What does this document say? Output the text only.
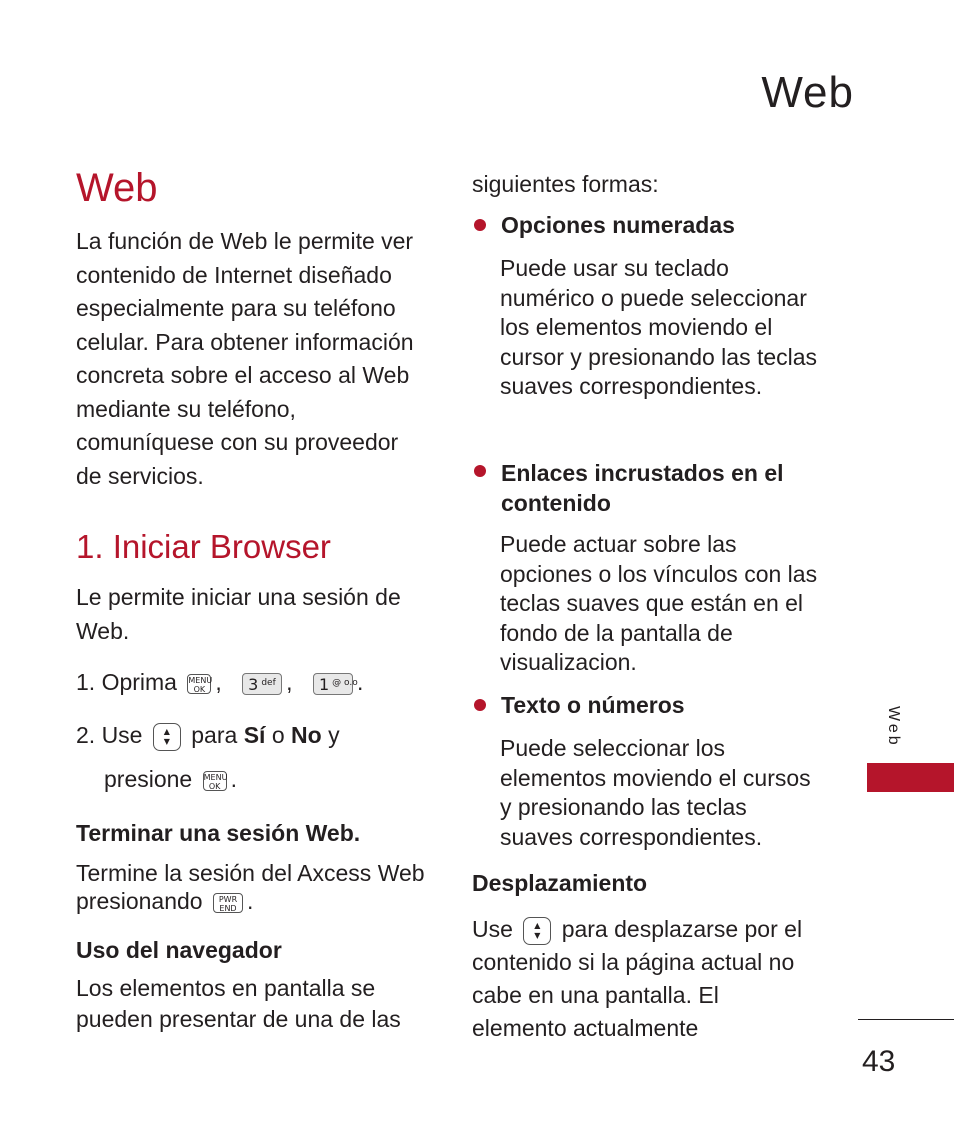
Web
Web
La función de Web le permite ver contenido de Internet diseñado especialmente para su teléfono celular. Para obtener información concreta sobre el acceso al Web mediante su teléfono, comuníquese con su proveedor de servicios.
1. Iniciar Browser
Le permite iniciar una sesión de Web.
1. Oprima MENU
OK , 3 $^{def}$ , 1 $^{@ o.o}$.
2. Use	▲
▼ para Sí o No y
presione MENU
OK .
Terminar una sesión Web.
Termine la sesión del Axcess Web presionando PWR
END .
Uso del navegador
Los elementos en pantalla se pueden presentar de una de las
siguientes formas:
Opciones numeradas
Puede usar su teclado numérico o puede seleccionar los elementos moviendo el cursor y presionando las teclas suaves correspondientes.
Enlaces incrustados en el contenido
Puede actuar sobre las opciones o los vínculos con las teclas suaves que están en el fondo de la pantalla de visualizacion.
Texto o números
Puede seleccionar los elementos moviendo el cursos y presionando las teclas suaves correspondientes.
Desplazamiento
Use	▲
▼ para desplazarse por el contenido si la página actual no cabe en una pantalla. El elemento actualmente
Web
43
